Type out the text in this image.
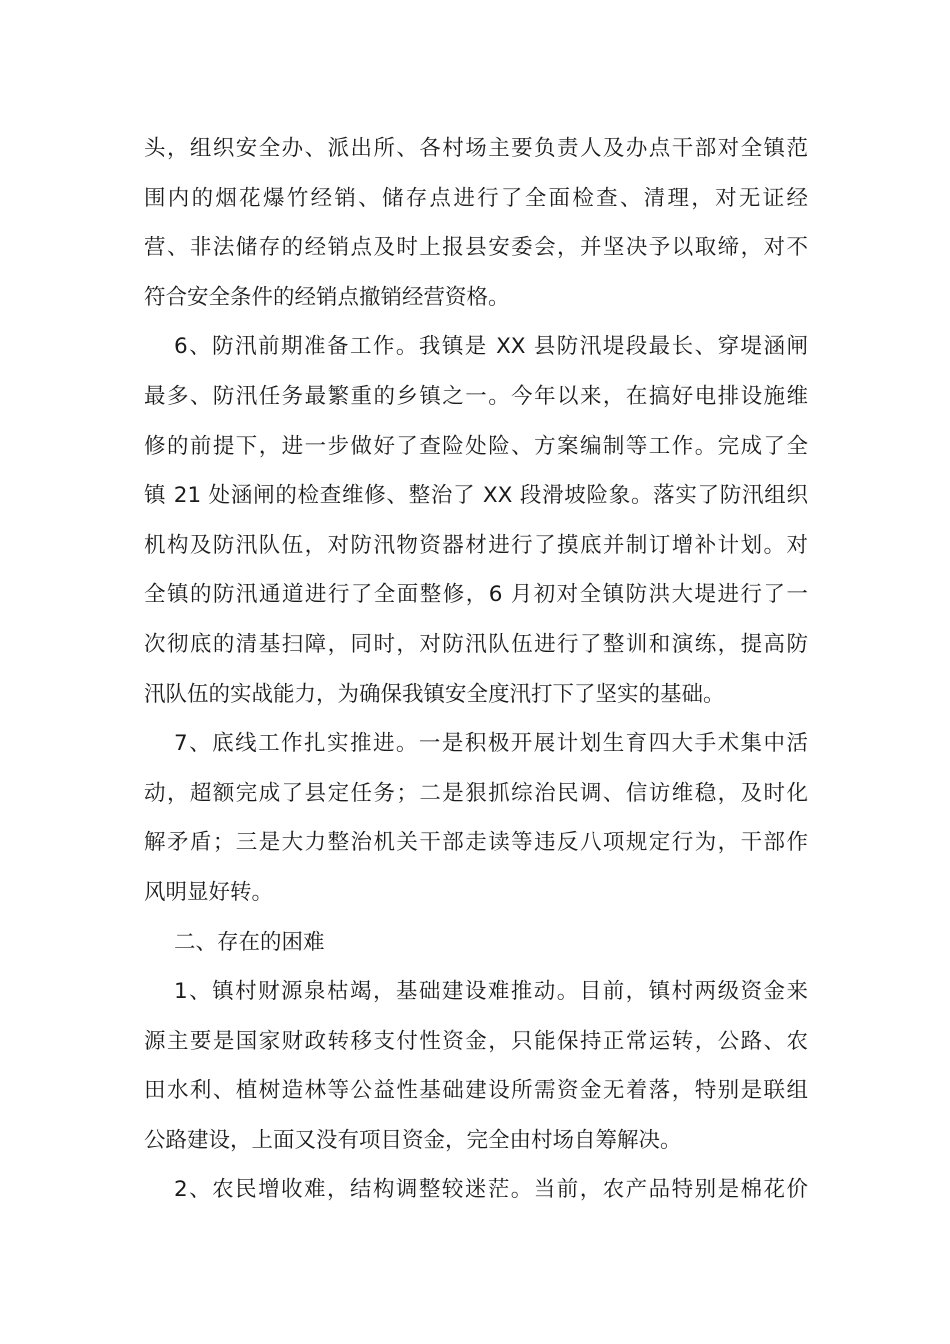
头，组织安全办、派出所、各村场主要负责人及办点干部对全镇范
围内的烟花爆竹经销、储存点进行了全面检查、清理，对无证经
营、非法储存的经销点及时上报县安委会，并坚决予以取缔，对不
符合安全条件的经销点撤销经营资格。
6、防汛前期准备工作。我镇是 XX 县防汛堤段最长、穿堤涵闸
最多、防汛任务最繁重的乡镇之一。今年以来，在搞好电排设施维
修的前提下，进一步做好了查险处险、方案编制等工作。完成了全
镇 21 处涵闸的检查维修、整治了 XX 段滑坡险象。落实了防汛组织
机构及防汛队伍，对防汛物资器材进行了摸底并制订增补计划。对
全镇的防汛通道进行了全面整修，6 月初对全镇防洪大堤进行了一
次彻底的清基扫障，同时，对防汛队伍进行了整训和演练，提高防
汛队伍的实战能力，为确保我镇安全度汛打下了坚实的基础。
7、底线工作扎实推进。一是积极开展计划生育四大手术集中活
动，超额完成了县定任务；二是狠抓综治民调、信访维稳，及时化
解矛盾；三是大力整治机关干部走读等违反八项规定行为，干部作
风明显好转。
二、存在的困难
1、镇村财源泉枯竭，基础建设难推动。目前，镇村两级资金来
源主要是国家财政转移支付性资金，只能保持正常运转，公路、农
田水利、植树造林等公益性基础建设所需资金无着落，特别是联组
公路建设，上面又没有项目资金，完全由村场自筹解决。
2、农民增收难，结构调整较迷茫。当前，农产品特别是棉花价
